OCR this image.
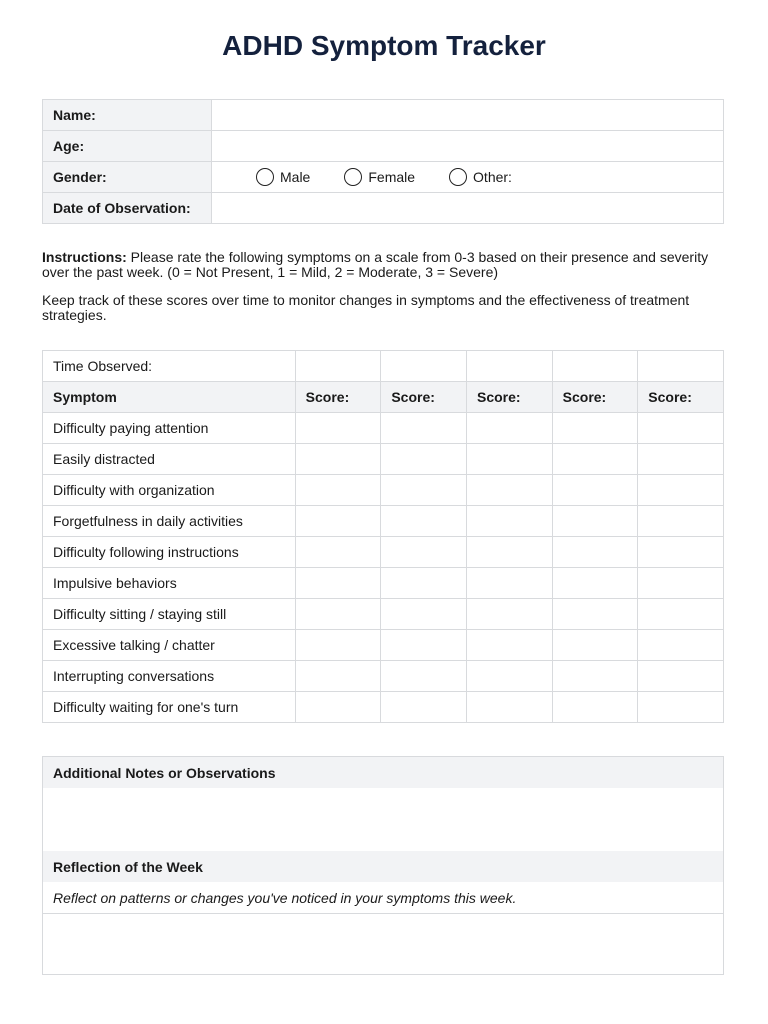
ADHD Symptom Tracker
Name:	
Age:	
Gender:	Male Female Other:

Date of Observation:	

Instructions: Please rate the following symptoms on a scale from 0-3 based on their presence and severity over the past week. (0 = Not Present, 1 = Mild, 2 = Moderate, 3 = Severe)

Keep track of these scores over time to monitor changes in symptoms and the effectiveness of treatment strategies.

Time Observed:					
Symptom	Score:	Score:	Score:	Score:	Score:
Difficulty paying attention					
Easily distracted					
Difficulty with organization					
Forgetfulness in daily activities					
Difficulty following instructions					
Impulsive behaviors					
Difficulty sitting / staying still					
Excessive talking / chatter					
Interrupting conversations					
Difficulty waiting for one's turn					
Additional Notes or Observations
Reflection of the Week
Reflect on patterns or changes you've noticed in your symptoms this week.
